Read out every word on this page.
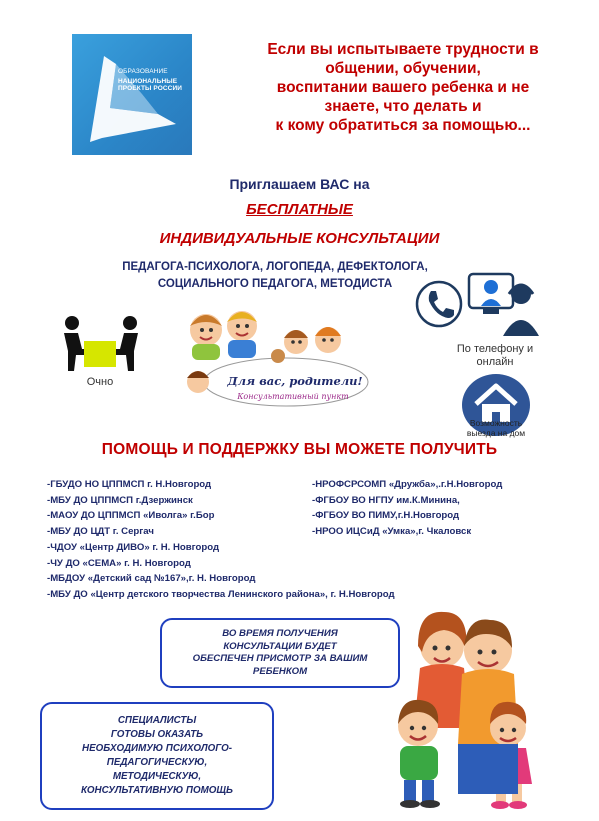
ОБРАЗОВАНИЕ
НАЦИОНАЛЬНЫЕ ПРОЕКТЫ РОССИИ
Если вы испытываете трудности в
общении, обучении,
воспитании вашего ребенка и не
знаете, что делать и
к кому обратиться за помощью...
Приглашаем ВАС на
БЕСПЛАТНЫЕ
ИНДИВИДУАЛЬНЫЕ КОНСУЛЬТАЦИИ
ПЕДАГОГА-ПСИХОЛОГА, ЛОГОПЕДА, ДЕФЕКТОЛОГА,
СОЦИАЛЬНОГО ПЕДАГОГА, МЕТОДИСТА
Очно	Для вас, родители!
Консультативный пункт
По телефону и онлайн
Возможность выезда на дом
ПОМОЩЬ И ПОДДЕРЖКУ ВЫ МОЖЕТЕ ПОЛУЧИТЬ
-ГБУДО НО ЦППМСП г. Н.Новгород
-МБУ ДО ЦППМСП г.Дзержинск
-МАОУ ДО ЦППМСП «Иволга» г.Бор
-МБУ ДО ЦДТ г. Сергач
-ЧДОУ «Центр ДИВО» г. Н. Новгород
-ЧУ ДО «СЕМА» г. Н. Новгород
-МБДОУ «Детский сад №167»,г. Н. Новгород
-МБУ ДО «Центр детского творчества Ленинского района», г. Н.Новгород
-НРОФСРСОМП «Дружба»,.г.Н.Новгород
-ФГБОУ ВО НГПУ им.К.Минина,
-ФГБОУ ВО ПИМУ,г.Н.Новгород
-НРОО ИЦСиД «Умка»,г. Чкаловск
ВО ВРЕМЯ ПОЛУЧЕНИЯ
КОНСУЛЬТАЦИИ БУДЕТ
ОБЕСПЕЧЕН ПРИСМОТР ЗА ВАШИМ
РЕБЕНКОМ
СПЕЦИАЛИСТЫ
ГОТОВЫ ОКАЗАТЬ
НЕОБХОДИМУЮ ПСИХОЛОГО-
ПЕДАГОГИЧЕСКУЮ,
МЕТОДИЧЕСКУЮ,
КОНСУЛЬТАТИВНУЮ ПОМОЩЬ
